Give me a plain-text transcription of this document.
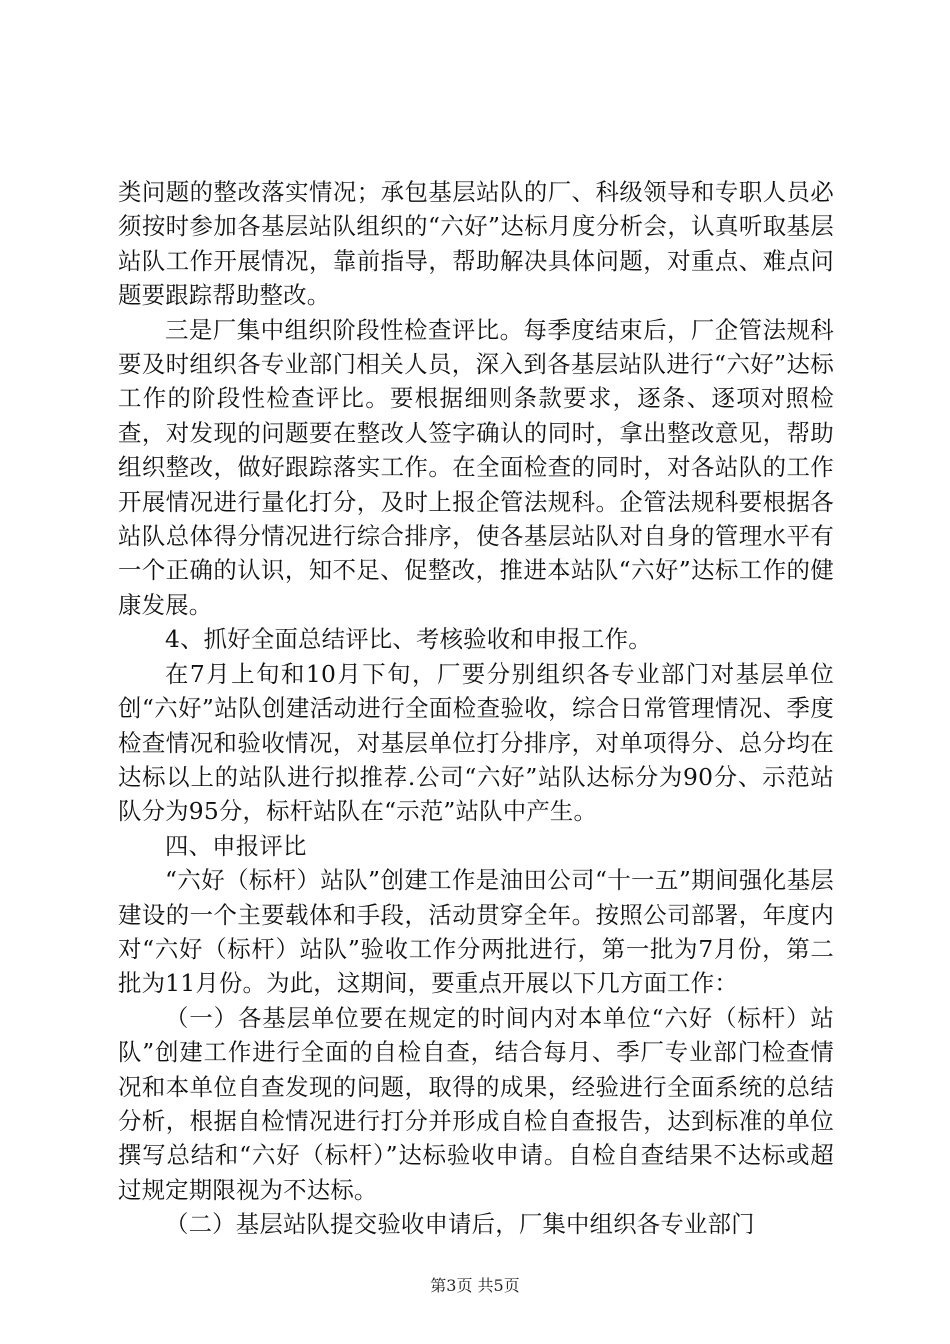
类问题的整改落实情况；承包基层站队的厂、科级领导和专职人员必须按时参加各基层站队组织的“六好”达标月度分析会，认真听取基层站队工作开展情况，靠前指导，帮助解决具体问题，对重点、难点问题要跟踪帮助整改。

三是厂集中组织阶段性检查评比。每季度结束后，厂企管法规科要及时组织各专业部门相关人员，深入到各基层站队进行“六好”达标工作的阶段性检查评比。要根据细则条款要求，逐条、逐项对照检查，对发现的问题要在整改人签字确认的同时，拿出整改意见，帮助组织整改，做好跟踪落实工作。在全面检查的同时，对各站队的工作开展情况进行量化打分，及时上报企管法规科。企管法规科要根据各站队总体得分情况进行综合排序，使各基层站队对自身的管理水平有一个正确的认识，知不足、促整改，推进本站队“六好”达标工作的健康发展。

4、抓好全面总结评比、考核验收和申报工作。

在7月上旬和10月下旬，厂要分别组织各专业部门对基层单位创“六好”站队创建活动进行全面检查验收，综合日常管理情况、季度检查情况和验收情况，对基层单位打分排序，对单项得分、总分均在达标以上的站队进行拟推荐.公司“六好”站队达标分为90分、示范站队分为95分，标杆站队在“示范”站队中产生。

四、申报评比

“六好（标杆）站队”创建工作是油田公司“十一五”期间强化基层建设的一个主要载体和手段，活动贯穿全年。按照公司部署，年度内对“六好（标杆）站队”验收工作分两批进行，第一批为7月份，第二批为11月份。为此，这期间，要重点开展以下几方面工作：

（一）各基层单位要在规定的时间内对本单位“六好（标杆）站队”创建工作进行全面的自检自查，结合每月、季厂专业部门检查情况和本单位自查发现的问题，取得的成果，经验进行全面系统的总结分析，根据自检情况进行打分并形成自检自查报告，达到标准的单位撰写总结和“六好（标杆）”达标验收申请。自检自查结果不达标或超过规定期限视为不达标。

（二）基层站队提交验收申请后，厂集中组织各专业部门

第3页 共5页
